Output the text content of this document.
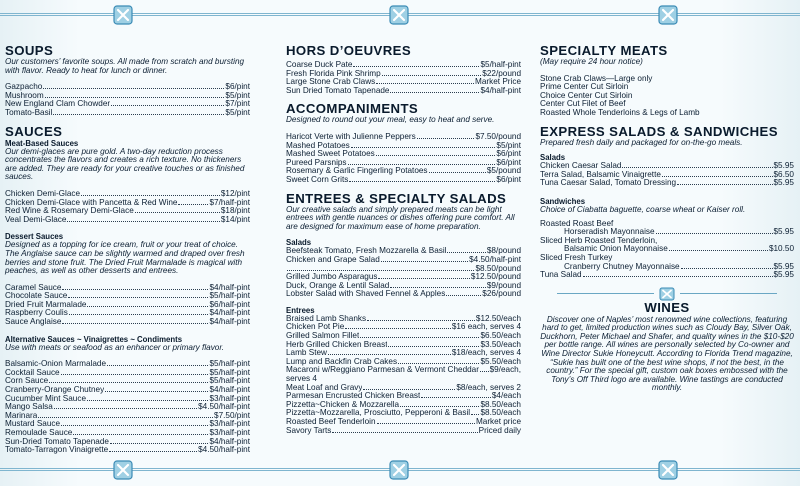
SOUPS
Our customers’ favorite soups. All made from scratch and bursting with flavor. Ready to heat for lunch or dinner.
Gazpacho	$6/pint
Mushroom	$5/pint
New England Clam Chowder	$7/pint
Tomato-Basil	$5/pint
SAUCES
Meat-Based Sauces
Our demi-glaces are pure gold. A two-day reduction process concentrates the flavors and creates a rich texture. No thickeners are added. They are ready for your creative touches or as finished sauces.
Chicken Demi-Glace	$12/pint
Chicken Demi-Glace with Pancetta & Red Wine	$7/half-pint
Red Wine & Rosemary Demi-Glace	$18/pint
Veal Demi-Glace	$14/pint
Dessert Sauces
Designed as a topping for ice cream, fruit or your treat of choice. The Anglaise sauce can be slightly warmed and draped over fresh berries and stone fruit. The Dried Fruit Marmalade is magical with peaches, as well as other desserts and entrees.
Caramel Sauce	$4/half-pint
Chocolate Sauce	$5/half-pint
Dried Fruit Marmalade	$6/half-pint
Raspberry Coulis	$4/half-pint
Sauce Anglaise	$4/half-pint
Alternative Sauces ~ Vinaigrettes ~ Condiments
Use with meats or seafood as an enhancer or primary flavor.
Balsamic-Onion Marmalade	$5/half-pint
Cocktail Sauce	$5/half-pint
Corn Sauce	$5/half-pint
Cranberry-Orange Chutney	$4/half-pint
Cucumber Mint Sauce	$3/half-pint
Mango Salsa	$4.50/half-pint
Marinara	$7.50/pint
Mustard Sauce	$3/half-pint
Remoulade Sauce	$3/half-pint
Sun-Dried Tomato Tapenade	$4/half-pint
Tomato-Tarragon Vinaigrette	$4.50/half-pint
HORS D’OEUVRES
Coarse Duck Pate	$5/half-pint
Fresh Florida Pink Shrimp	$22/pound
Large Stone Crab Claws	Market Price
Sun Dried Tomato Tapenade	$4/half-pint
ACCOMPANIMENTS
Designed to round out your meal, easy to heat and serve.
Haricot Verte with Julienne Peppers	$7.50/pound
Mashed Potatoes	$5/pint
Mashed Sweet Potatoes	$6/pint
Pureed Parsnips	$6/pint
Rosemary & Garlic Fingerling Potatoes	$5/pound
Sweet Corn Grits	$6/pint
ENTREES & SPECIALTY SALADS
Our creative salads and simply prepared meats can be light entrees with gentle nuances or dishes offering pure comfort. All are designed for maximum ease of home preparation.
Salads
Beefsteak Tomato, Fresh Mozzarella & Basil	$8/pound
Chicken and Grape Salad	$4.50/half-pint
$8.50/pound
Grilled Jumbo Asparagus	$12.50/pound
Duck, Orange & Lentil Salad	$9/pound
Lobster Salad with Shaved Fennel & Apples	$26/pound
Entrees
Braised Lamb Shanks	$12.50/each
Chicken Pot Pie	$16 each, serves 4
Grilled Salmon Fillet	$6.50/each
Herb Grilled Chicken Breast	$3.50/each
Lamb Stew	$18/each, serves 4
Lump and Backfin Crab Cakes	$5.50/each
Macaroni w/Reggiano Parmesan & Vermont Cheddar $9/each,
serves 4
Meat Loaf and Gravy	$8/each, serves 2
Parmesan Encrusted Chicken Breast	$4/each
Pizzetta~Chicken & Mozzarella	$8.50/each
Pizzetta~Mozzarella, Prosciutto, Pepperoni & Basil $8.50/each
Roasted Beef Tenderloin	Market price
Savory Tarts	Priced daily
SPECIALTY MEATS
(May require 24 hour notice)
Stone Crab Claws—Large only
Prime Center Cut Sirloin
Choice Center Cut Sirloin
Center Cut Filet of Beef
Roasted Whole Tenderloins & Legs of Lamb
EXPRESS SALADS & SANDWICHES
Prepared fresh daily and packaged for on-the-go meals.
Salads
Chicken Caesar Salad	$5.95
Terra Salad, Balsamic Vinaigrette	$6.50
Tuna Caesar Salad, Tomato Dressing	$5.95
Sandwiches
Choice of Ciabatta baguette, coarse wheat or Kaiser roll.
Roasted Roast Beef
Horseradish Mayonnaise	$5.95
Sliced Herb Roasted Tenderloin,
Balsamic Onion Mayonnaise	$10.50
Sliced Fresh Turkey
Cranberry Chutney Mayonnaise	$5.95
Tuna Salad	$5.95
WINES
Discover one of Naples’ most renowned wine collections, featuring hard to get, limited production wines such as Cloudy Bay, Silver Oak, Duckhorn, Peter Michael and Shafer, and quality wines in the $10-$20 per bottle range. All wines are personally selected by Co-owner and Wine Director Sukie Honeycutt. According to Florida Trend magazine, “Sukie has built one of the best wine shops, if not the best, in the country.” For the special gift, custom oak boxes embossed with the Tony’s Off Third logo are available. Wine tastings are conducted monthly.
